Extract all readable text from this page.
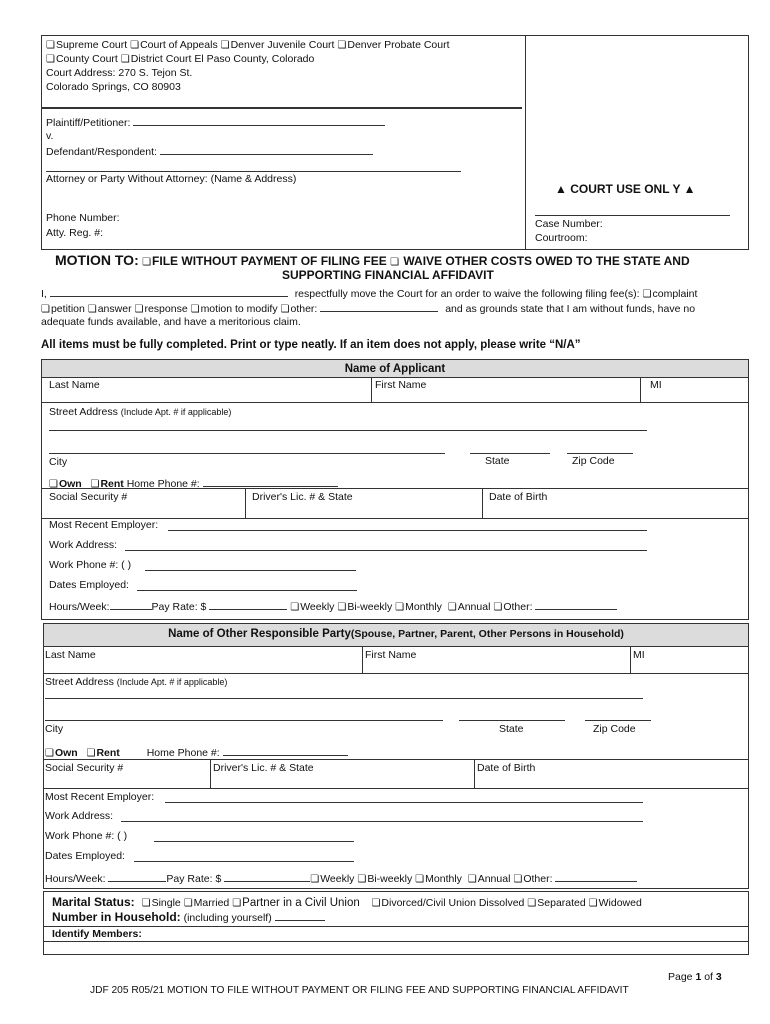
❏ Supreme Court ❏ Court of Appeals ❏ Denver Juvenile Court ❏ Denver Probate Court
❏ County Court ❏ District Court El Paso County, Colorado
Court Address: 270 S. Tejon St.
Colorado Springs, CO 80903
Plaintiff/Petitioner:
v.
Defendant/Respondent:
Attorney or Party Without Attorney: (Name & Address)
Phone Number:
Atty. Reg. #:
▲ COURT USE ONL Y ▲
Case Number:
Courtroom:
MOTION TO: ❏ FILE WITHOUT PAYMENT OF FILING FEE ❏ WAIVE OTHER COSTS OWED TO THE STATE AND
SUPPORTING FINANCIAL AFFIDAVIT
I,	respectfully move the Court for an order to waive the following filing fee(s): ❏ complaint
❏ petition ❏ answer ❏ response ❏ motion to modify ❏ other:	and as grounds state that I am without funds, have no
adequate funds available, and have a meritorious claim.
All items must be fully completed. Print or type neatly. If an item does not apply, please write “N/A”
Name of Applicant
Last Name	First Name	MI
Street Address (Include Apt. # if applicable)
City	State	Zip Code
❏ Own ❏ Rent Home Phone #:
Social Security #	Driver's Lic. # & State	Date of Birth
Most Recent Employer:
Work Address:
Work Phone #: ( )
Dates Employed:
Hours/Week:	Pay Rate: $ ❏	Weekly ❏ Bi-weekly ❏ Monthly ❏ Annual ❏ Other:
Name of Other Responsible Party(Spouse, Partner, Parent, Other Persons in Household)
Last Name	First Name	MI
Street Address (Include Apt. # if applicable)
City	State	Zip Code
❏ Own ❏ Rent	Home Phone #:
Social Security #	Driver's Lic. # & State	Date of Birth
Most Recent Employer:
Work Address:
Work Phone #: ( )
Dates Employed:
Hours/Week:	Pay Rate: $ ❏	Weekly ❏ Bi-weekly ❏ Monthly ❏ Annual ❏ Other:
Marital Status: ❏ Single ❏ Married ❏ Partner in a Civil Union ❏ Divorced/Civil Union Dissolved ❏ Separated ❏ Widowed
Number in Household: (including yourself)
Identify Members:
Page 1 of 3
JDF 205 R05/21 MOTION TO FILE WITHOUT PAYMENT OR FILING FEE AND SUPPORTING FINANCIAL AFFIDAVIT
